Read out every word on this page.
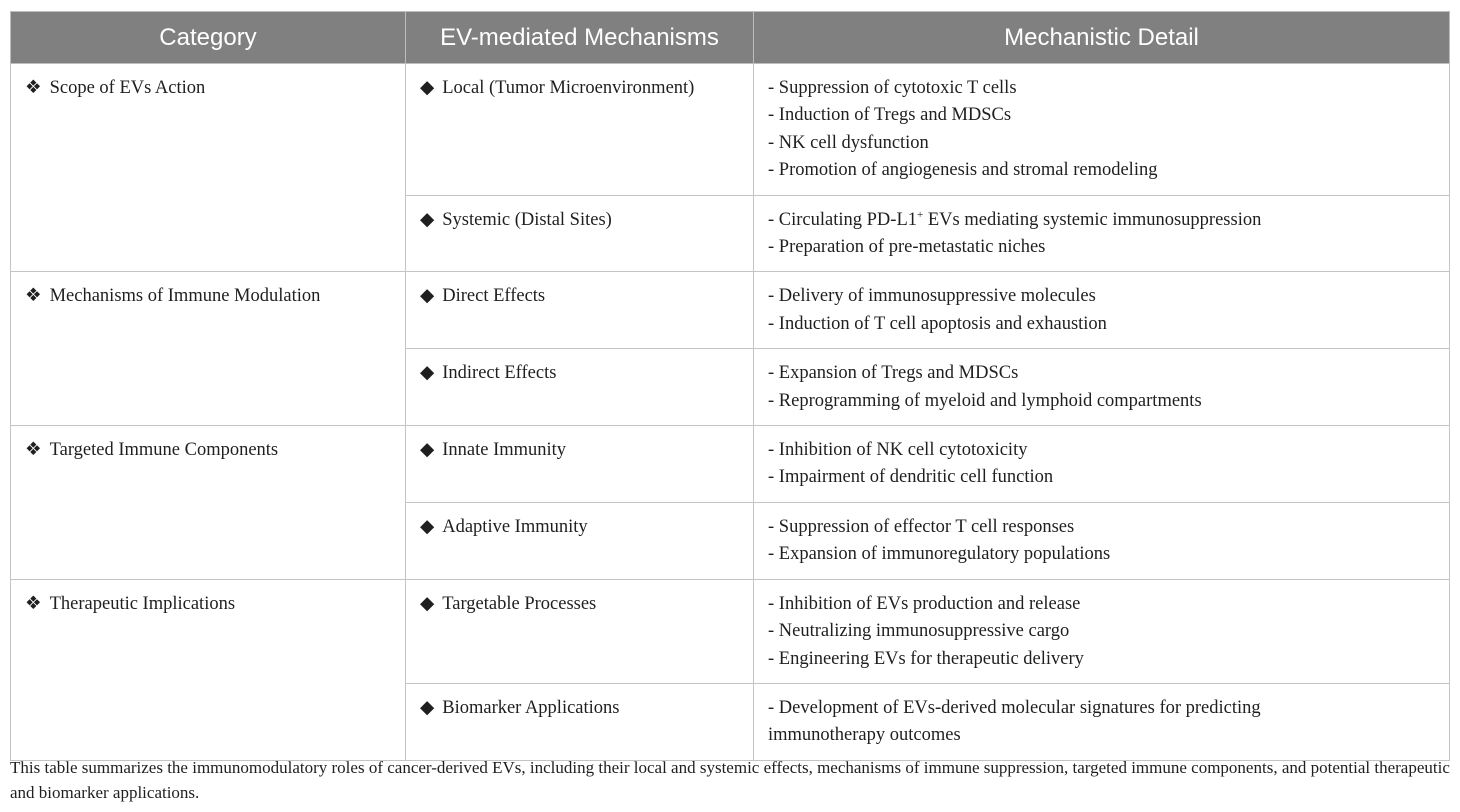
Category	EV-mediated Mechanisms	Mechanistic Detail
❖ Scope of EVs Action	◆ Local (Tumor Microenvironment)	- Suppression of cytotoxic T cells
- Induction of Tregs and MDSCs
- NK cell dysfunction
- Promotion of angiogenesis and stromal remodeling

	◆ Systemic (Distal Sites)	- Circulating PD-L1+ EVs mediating systemic immunosuppression
- Preparation of pre-metastatic niches

❖ Mechanisms of Immune Modulation	◆ Direct Effects	- Delivery of immunosuppressive molecules
- Induction of T cell apoptosis and exhaustion

	◆ Indirect Effects	- Expansion of Tregs and MDSCs
- Reprogramming of myeloid and lymphoid compartments

❖ Targeted Immune Components	◆ Innate Immunity	- Inhibition of NK cell cytotoxicity
- Impairment of dendritic cell function

	◆ Adaptive Immunity	- Suppression of effector T cell responses
- Expansion of immunoregulatory populations

❖ Therapeutic Implications	◆ Targetable Processes	- Inhibition of EVs production and release
- Neutralizing immunosuppressive cargo
- Engineering EVs for therapeutic delivery

	◆ Biomarker Applications	- Development of EVs-derived molecular signatures for predicting immunotherapy outcomes
This table summarizes the immunomodulatory roles of cancer-derived EVs, including their local and systemic effects, mechanisms of immune suppression, targeted immune components, and potential therapeutic and biomarker applications.
